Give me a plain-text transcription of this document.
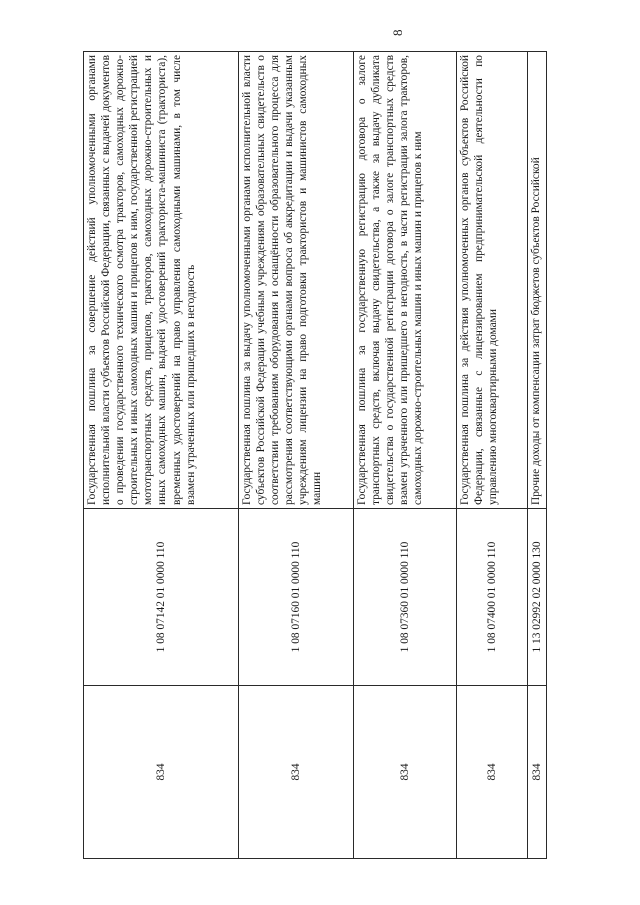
8
834	1 08 07142 01 0000 110	Государственная пошлина за совершение действий уполномоченными органами исполнительной власти субъектов Российской Федерации, связанных с выдачей документов о проведении государственного технического осмотра тракторов, самоходных дорожно-строительных и иных самоходных машин и прицепов к ним, государственной регистрацией мототранспортных средств, прицепов, тракторов, самоходных дорожно-строительных и иных самоходных машин, выдачей удостоверений тракториста-машиниста (тракториста), временных удостоверений на право управления самоходными машинами, в том числе взамен утраченных или пришедших в негодность
834	1 08 07160 01 0000 110	Государственная пошлина за выдачу уполномоченными органами исполнительной власти субъектов Российской Федерации учебным учреждениям образовательных свидетельств о соответствии требованиям оборудования и оснащённости образовательного процесса для рассмотрения соответствующими органами вопроса об аккредитации и выдачи указанным учреждениям лицензии на право подготовки трактористов и машинистов самоходных машин
834	1 08 07360 01 0000 110	Государственная пошлина за государственную регистрацию договора о залоге транспортных средств, включая выдачу свидетельства, а также за выдачу дубликата свидетельства о государственной регистрации договора о залоге транспортных средств взамен утраченного или пришедшего в негодность, в части регистрации залога тракторов, самоходных дорожно-строительных машин и иных машин и прицепов к ним
834	1 08 07400 01 0000 110	Государственная пошлина за действия уполномоченных органов субъектов Российской Федерации, связанные с лицензированием предпринимательской деятельности по управлению многоквартирными домами
834	1 13 02992 02 0000 130	Прочие доходы от компенсации затрат бюджетов субъектов Российской
